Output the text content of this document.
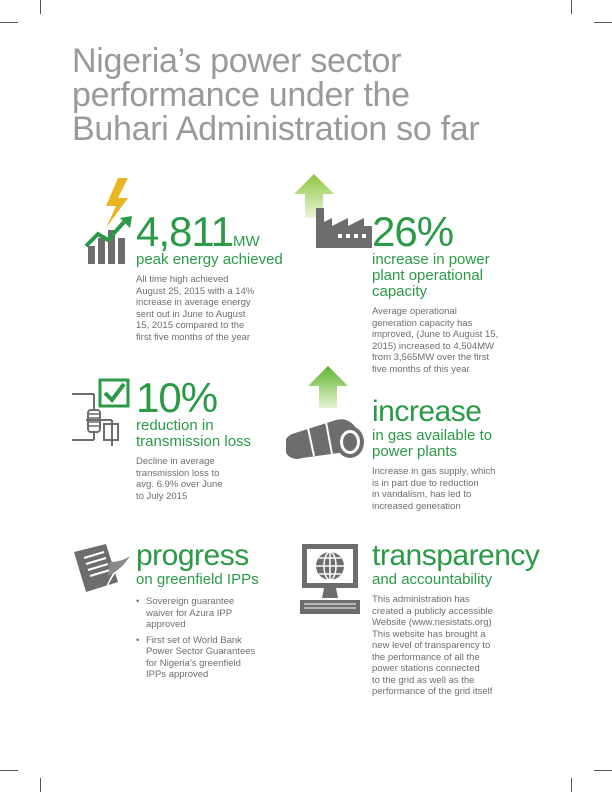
Nigeria’s power sector
performance under the
Buhari Administration so far
4,811MW
peak energy achieved
All time high achieved
August 25, 2015 with a 14%
increase in average energy
sent out in June to August
15, 2015 compared to the
first five months of the year
26%
increase in power
plant operational
capacity
Average operational
generation capacity has
improved, (June to August 15,
2015) increased to 4,504MW
from 3,565MW over the first
five months of this year
10%
reduction in
transmission loss
Decline in average
transmission loss to
avg. 6.9% over June
to July 2015
increase
in gas available to
power plants
Increase in gas supply, which
is in part due to reduction
in vandalism, has led to
increased generation
progress
on greenfield IPPs
• Sovereign guarantee
waiver for Azura IPP
approved
• First set of World Bank
Power Sector Guarantees
for Nigeria’s greenfield
IPPs approved
transparency
and accountability
This administration has
created a publicly accessible
Website (www.nesistats.org)
This website has brought a
new level of transparency to
the performance of all the
power stations connected
to the grid as well as the
performance of the grid itself
